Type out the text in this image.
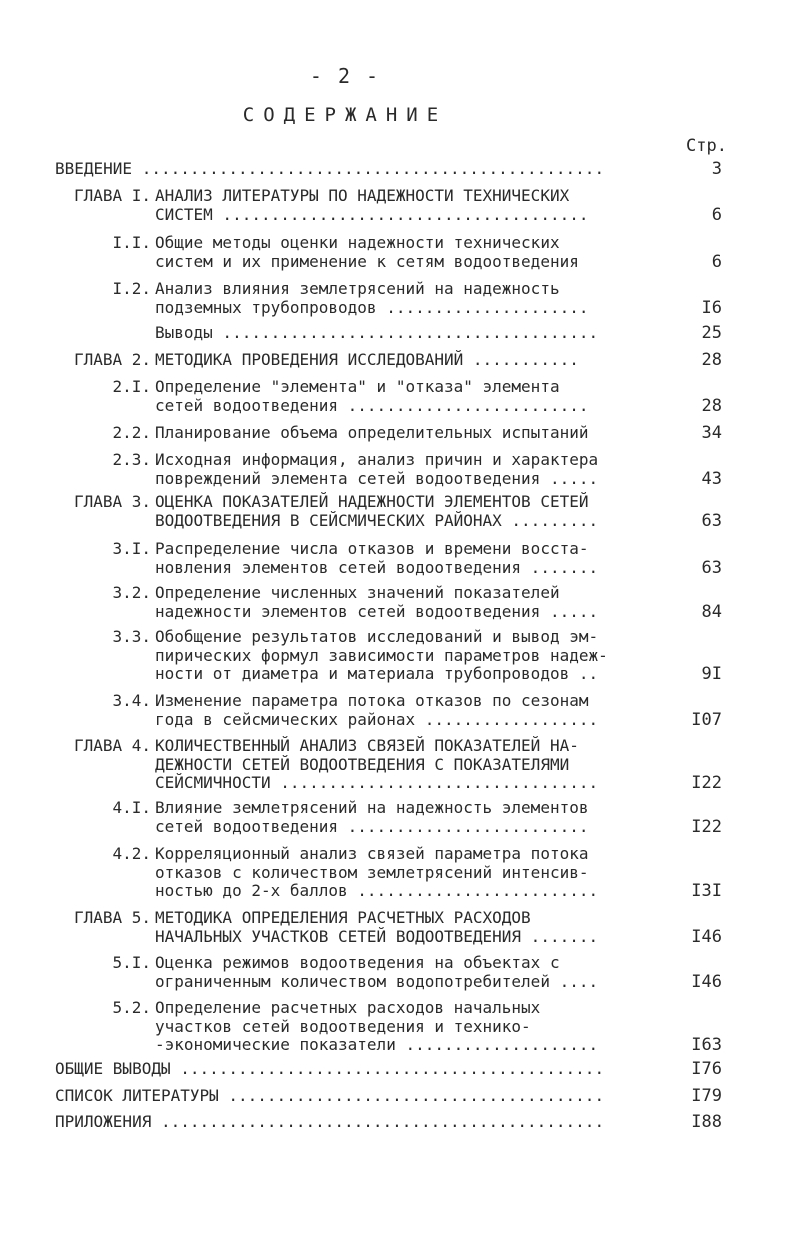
- 2 -
СОДЕРЖАНИЕ
Стр.
ВВЕДЕНИЕ ................................................	3
ГЛАВА I. АНАЛИЗ ЛИТЕРАТУРЫ ПО НАДЕЖНОСТИ ТЕХНИЧЕСКИХ
СИСТЕМ ......................................	6
I.I. Общие методы оценки надежности технических
систем и их применение к сетям водоотведения	6
I.2. Анализ влияния землетрясений на надежность
подземных трубопроводов .....................	I6
Выводы .......................................	25
ГЛАВА 2. МЕТОДИКА ПРОВЕДЕНИЯ ИССЛЕДОВАНИЙ ...........	28
2.I. Определение "элемента" и "отказа" элемента
сетей водоотведения .........................	28
2.2. Планирование объема определительных испытаний	34
2.3. Исходная информация, анализ причин и характера
повреждений элемента сетей водоотведения .....	43
ГЛАВА 3. ОЦЕНКА ПОКАЗАТЕЛЕЙ НАДЕЖНОСТИ ЭЛЕМЕНТОВ СЕТЕЙ
ВОДООТВЕДЕНИЯ В СЕЙСМИЧЕСКИХ РАЙОНАХ .........	63
3.I. Распределение числа отказов и времени восста-
новления элементов сетей водоотведения .......	63
3.2. Определение численных значений показателей
надежности элементов сетей водоотведения .....	84
3.3. Обобщение результатов исследований и вывод эм-
пирических формул зависимости параметров надеж-
ности от диаметра и материала трубопроводов ..	9I
3.4. Изменение параметра потока отказов по сезонам
года в сейсмических районах ..................	I07
ГЛАВА 4. КОЛИЧЕСТВЕННЫЙ АНАЛИЗ СВЯЗЕЙ ПОКАЗАТЕЛЕЙ НА-
ДЕЖНОСТИ СЕТЕЙ ВОДООТВЕДЕНИЯ С ПОКАЗАТЕЛЯМИ
СЕЙСМИЧНОСТИ .................................	I22
4.I. Влияние землетрясений на надежность элементов
сетей водоотведения .........................	I22
4.2. Корреляционный анализ связей параметра потока
отказов с количеством землетрясений интенсив-
ностью до 2-х баллов .........................	I3I
ГЛАВА 5. МЕТОДИКА ОПРЕДЕЛЕНИЯ РАСЧЕТНЫХ РАСХОДОВ
НАЧАЛЬНЫХ УЧАСТКОВ СЕТЕЙ ВОДООТВЕДЕНИЯ .......	I46
5.I. Оценка режимов водоотведения на объектах с
ограниченным количеством водопотребителей ....	I46
5.2. Определение расчетных расходов начальных
участков сетей водоотведения и технико-
-экономические показатели ....................	I63
ОБЩИЕ ВЫВОДЫ ............................................	I76
СПИСОК ЛИТЕРАТУРЫ .......................................	I79
ПРИЛОЖЕНИЯ ..............................................	I88
